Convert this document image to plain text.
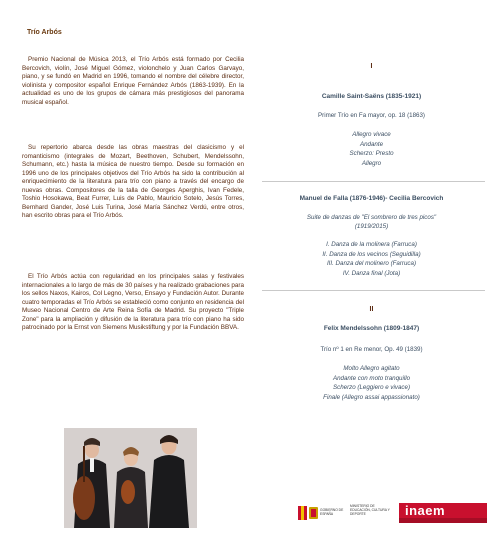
Trío Arbós

Premio Nacional de Música 2013, el Trío Arbós está formado por Cecilia Bercovich, violín, José Miguel Gómez, violonchelo y Juan Carlos Garvayo, piano, y se fundó en Madrid en 1996, tomando el nombre del célebre director, violinista y compositor español Enrique Fernández Arbós (1863-1939). En la actualidad es uno de los grupos de cámara más prestigiosos del panorama musical español.

Su repertorio abarca desde las obras maestras del clasicismo y el romanticismo (integrales de Mozart, Beethoven, Schubert, Mendelssohn, Schumann, etc.) hasta la música de nuestro tiempo. Desde su formación en 1996 uno de los principales objetivos del Trío Arbós ha sido la contribución al enriquecimiento de la literatura para trío con piano a través del encargo de nuevas obras. Compositores de la talla de Georges Aperghis, Ivan Fedele, Toshio Hosokawa, Beat Furrer, Luis de Pablo, Mauricio Sotelo, Jesús Torres, Bernhard Gander, José Luis Turina, José María Sánchez Verdú, entre otros, han escrito obras para el Trío Arbós.

El Trío Arbós actúa con regularidad en los principales salas y festivales internacionales a lo largo de más de 30 países y ha realizado grabaciones para los sellos Naxos, Kairos, Col Legno, Verso, Ensayo y Fundación Autor. Durante cuatro temporadas el Trío Arbós se estableció como conjunto en residencia del Museo Nacional Centro de Arte Reina Sofía de Madrid. Su proyecto "Triple Zone" para la ampliación y difusión de la literatura para trío con piano ha sido patrocinado por la Ernst von Siemens Musikstiftung y por la Fundación BBVA.

I
Camille Saint-Saëns (1835-1921)
Primer Trío en Fa mayor, op. 18 (1863)
Allegro vivace
Andante
Scherzo: Presto
Allegro
Manuel de Falla (1876-1946)- Cecilia Bercovich
Suite de danzas de "El sombrero de tres picos"
(1919/2015)
I. Danza de la molinera (Farruca)
II. Danza de los vecinos (Seguidilla)
III. Danza del molinero (Farruca)
IV. Danza final (Jota)
II
Felix Mendelssohn (1809-1847)
Trío nº 1 en Re menor, Op. 49 (1839)
Molto Allegro agitato
Andante con moto tranquillo
Scherzo (Leggiero e vivace)
Finale (Allegro assai appassionato)
GOBIERNO DE ESPAÑA
MINISTERIO DE EDUCACIÓN, CULTURA Y DEPORTE	inaem
